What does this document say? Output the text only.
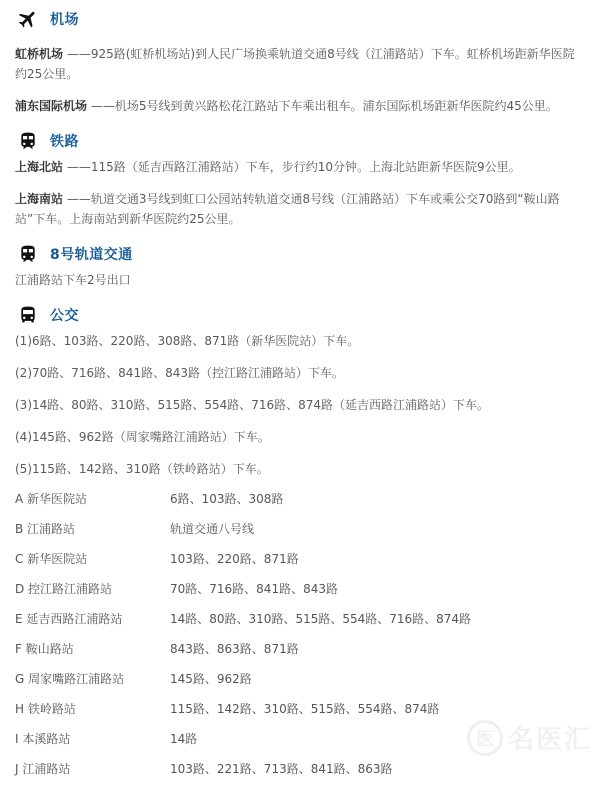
机场

虹桥机场 ——925路(虹桥机场站)到人民广场换乘轨道交通8号线（江浦路站）下车。虹桥机场距新华医院约25公里。

浦东国际机场 ——机场5号线到黄兴路松花江路站下车乘出租车。浦东国际机场距新华医院约45公里。

铁路

上海北站 ——115路（延吉西路江浦路站）下车，步行约10分钟。上海北站距新华医院9公里。

上海南站 ——轨道交通3号线到虹口公园站转轨道交通8号线（江浦路站）下车或乘公交70路到“鞍山路站”下车。上海南站到新华医院约25公里。

8号轨道交通

江浦路站下车2号出口

公交

(1)6路、103路、220路、308路、871路（新华医院站）下车。

(2)70路、716路、841路、843路（控江路江浦路站）下车。

(3)14路、80路、310路、515路、554路、716路、874路（延吉西路江浦路站）下车。

(4)145路、962路（周家嘴路江浦路站）下车。

(5)115路、142路、310路（铁岭路站）下车。

A 新华医院站	6路、103路、308路
B 江浦路站	轨道交通八号线
C 新华医院站	103路、220路、871路
D 控江路江浦路站	70路、716路、841路、843路
E 延吉西路江浦路站	14路、80路、310路、515路、554路、716路、874路
F 鞍山路站	843路、863路、871路
G 周家嘴路江浦路站	145路、962路
H 铁岭路站	115路、142路、310路、515路、554路、874路
I 本溪路站	14路
J 江浦路站	103路、221路、713路、841路、863路
医 名医汇
